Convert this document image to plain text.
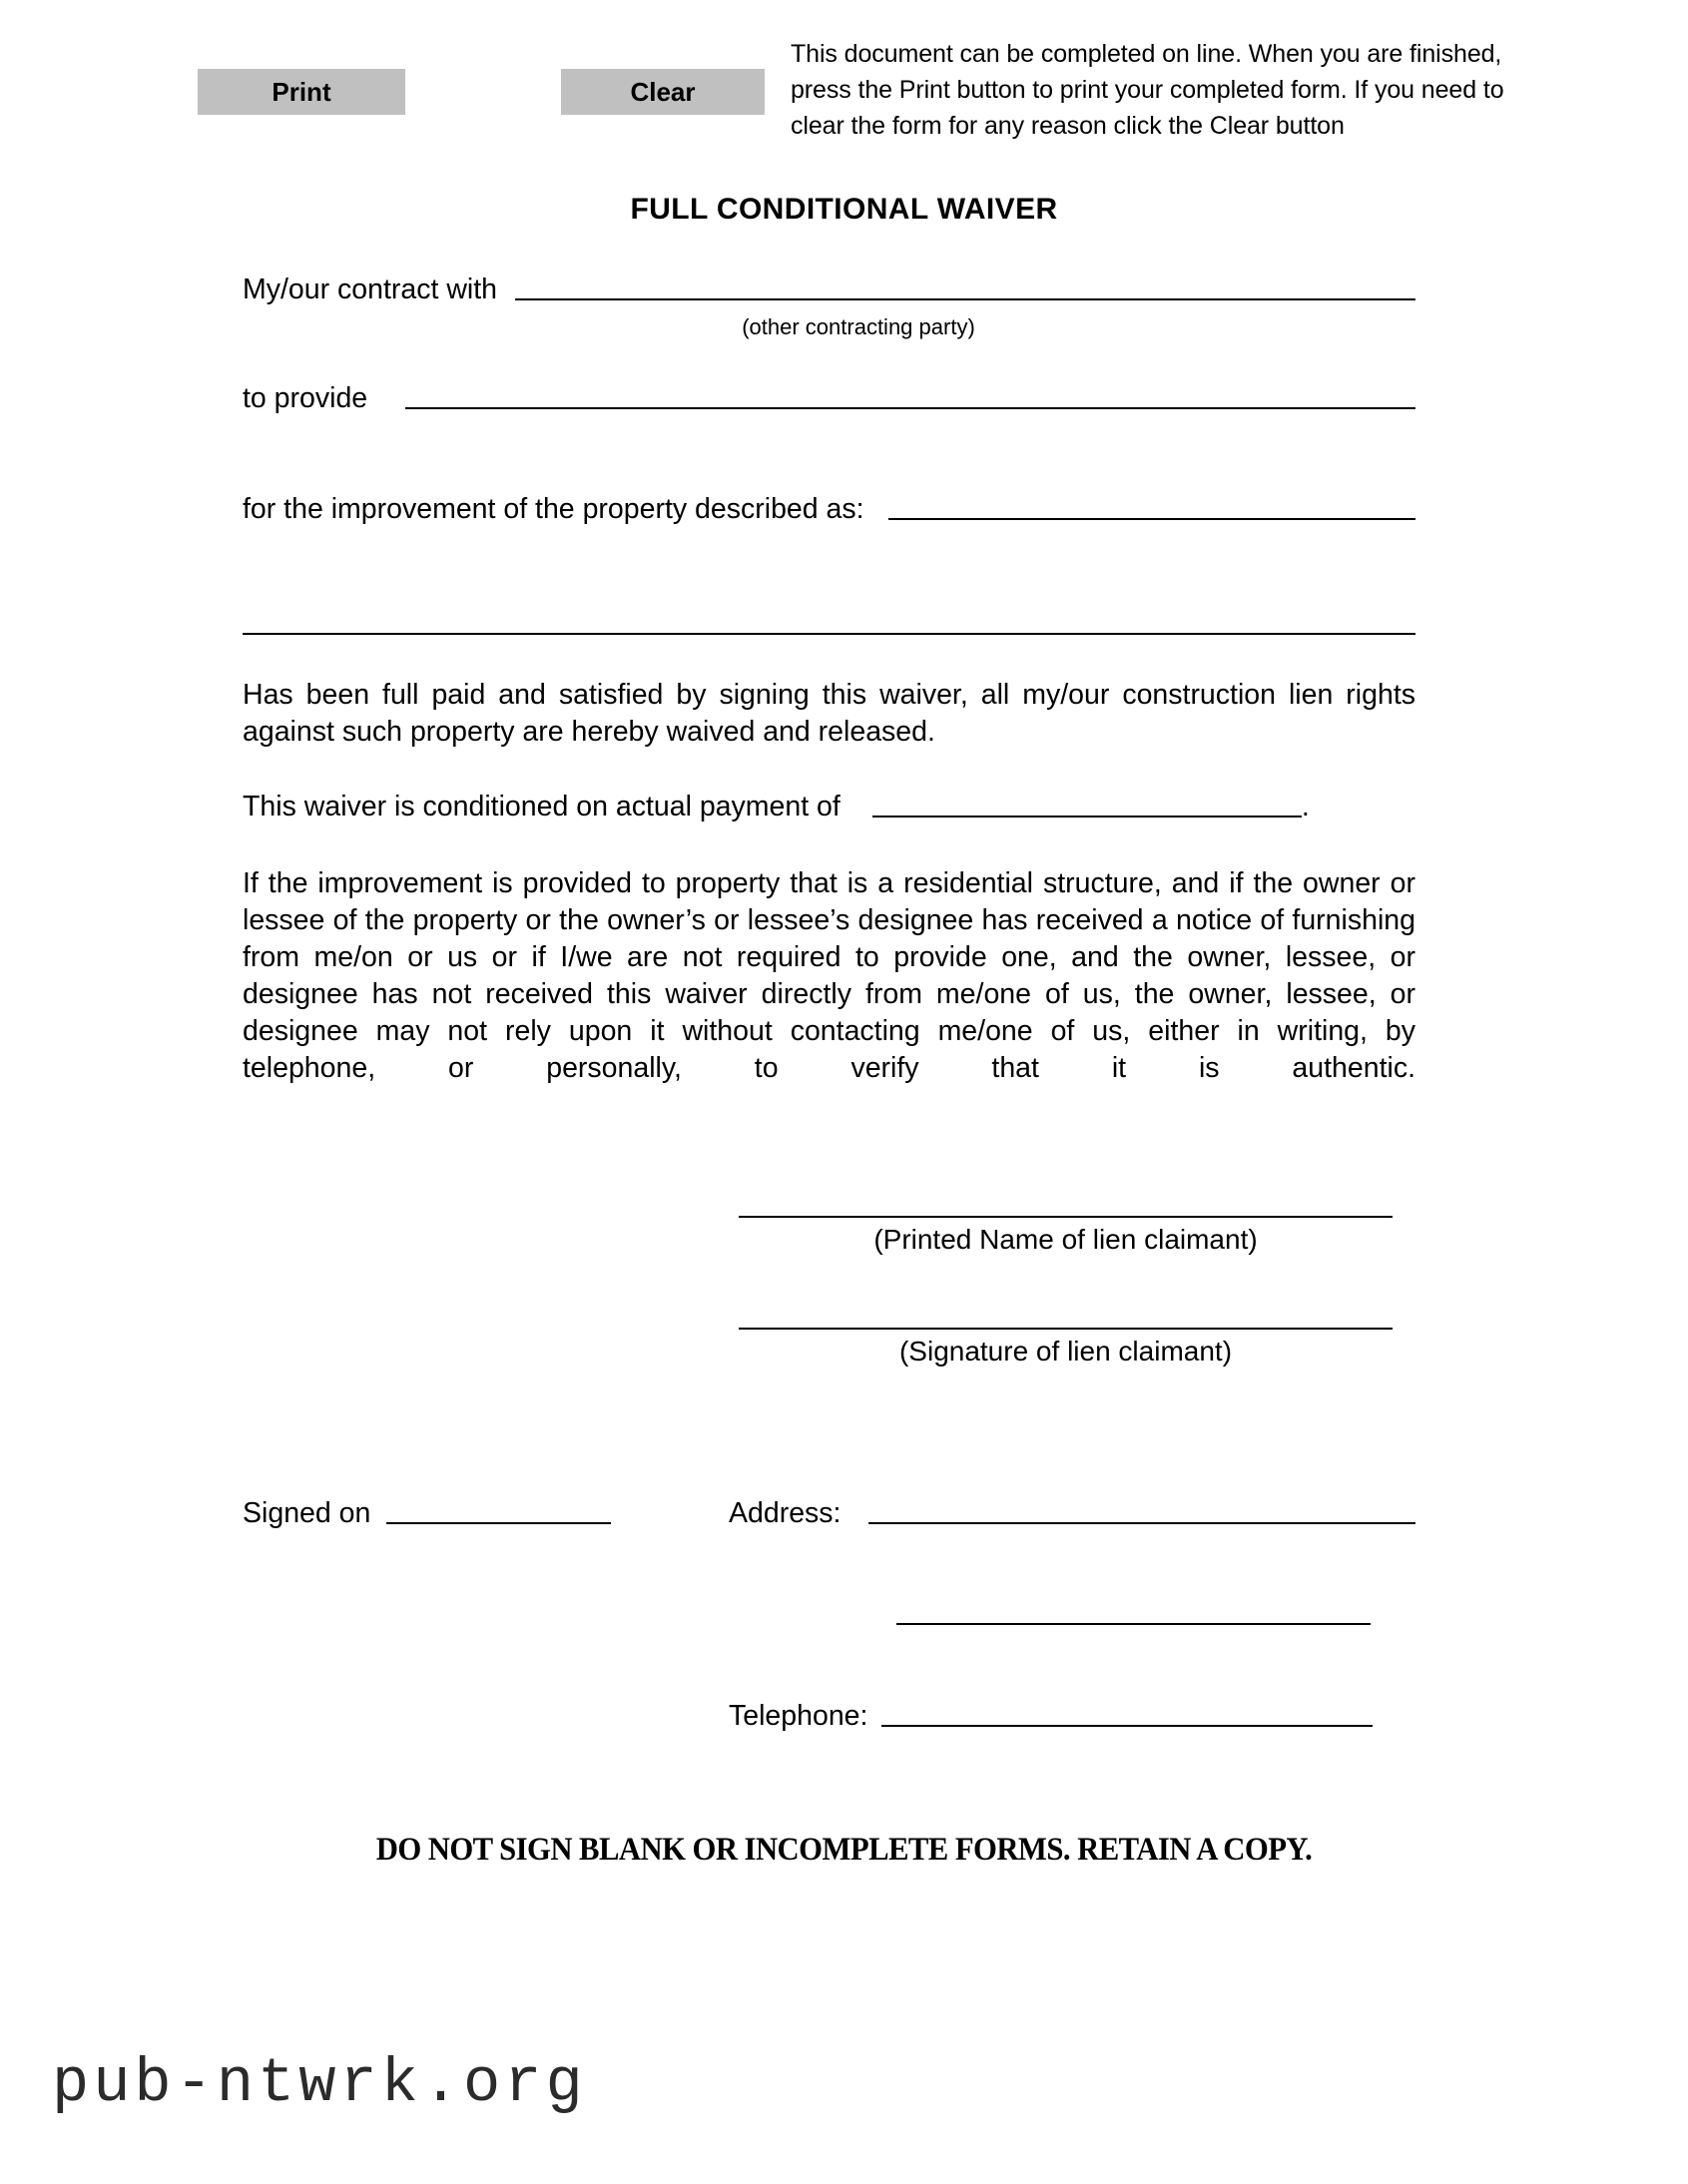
Print	Clear
This document can be completed on line. When you are finished,
press the Print button to print your completed form. If you need to
clear the form for any reason click the Clear button
FULL CONDITIONAL WAIVER
My/our contract with
(other contracting party)
to provide
for the improvement of the property described as:
Has been full paid and satisfied by signing this waiver, all my/our construction lien rights against such property are hereby waived and released.
This waiver is conditioned on actual payment of	.
If the improvement is provided to property that is a residential structure, and if the owner or lessee of the property or the owner’s or lessee’s designee has received a notice of furnishing from me/on or us or if I/we are not required to provide one, and the owner, lessee, or designee has not received this waiver directly from me/one of us, the owner, lessee, or designee may not rely upon it without contacting me/one of us, either in writing, by telephone, or personally, to verify that it is authentic.
(Printed Name of lien claimant)
(Signature of lien claimant)
Signed on	Address:
Telephone:
DO NOT SIGN BLANK OR INCOMPLETE FORMS. RETAIN A COPY.
pub-ntwrk.org
